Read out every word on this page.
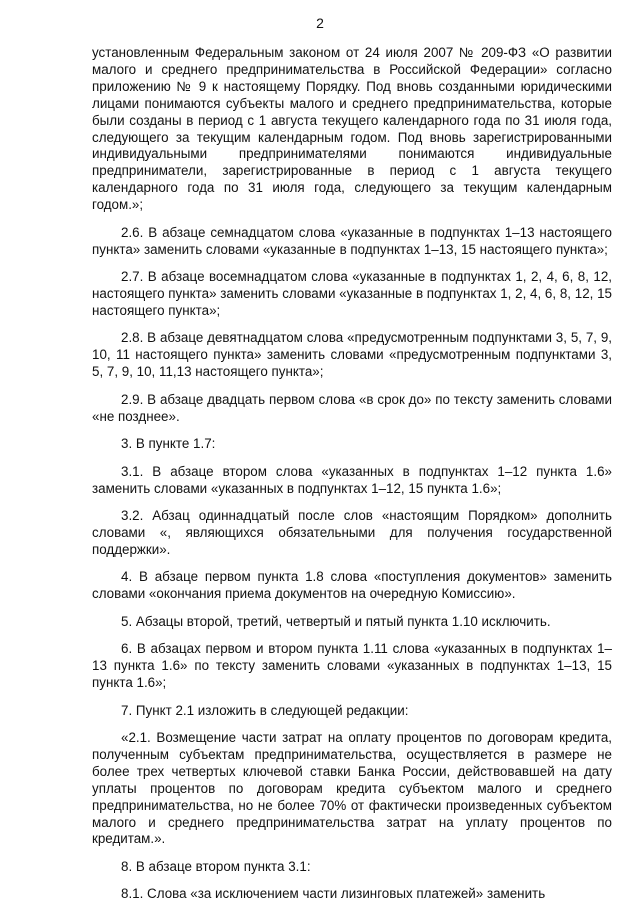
2

установленным Федеральным законом от 24 июля 2007 № 209-ФЗ «О развитии малого и среднего предпринимательства в Российской Федерации» согласно приложению № 9 к настоящему Порядку. Под вновь созданными юридическими лицами понимаются субъекты малого и среднего предпринимательства, которые были созданы в период с 1 августа текущего календарного года по 31 июля года, следующего за текущим календарным годом. Под вновь зарегистрированными индивидуальными предпринимателями понимаются индивидуальные предприниматели, зарегистрированные в период с 1 августа текущего календарного года по 31 июля года, следующего за текущим календарным годом.»;

2.6. В абзаце семнадцатом слова «указанные в подпунктах 1–13 настоящего пункта» заменить словами «указанные в подпунктах 1–13, 15 настоящего пункта»;

2.7. В абзаце восемнадцатом слова «указанные в подпунктах 1, 2, 4, 6, 8, 12, настоящего пункта» заменить словами «указанные в подпунктах 1, 2, 4, 6, 8, 12, 15 настоящего пункта»;

2.8. В абзаце девятнадцатом слова «предусмотренным подпунктами 3, 5, 7, 9, 10, 11 настоящего пункта» заменить словами «предусмотренным подпунктами 3, 5, 7, 9, 10, 11,13 настоящего пункта»;

2.9. В абзаце двадцать первом слова «в срок до» по тексту заменить словами «не позднее».

3. В пункте 1.7:

3.1. В абзаце втором слова «указанных в подпунктах 1–12 пункта 1.6» заменить словами «указанных в подпунктах 1–12, 15 пункта 1.6»;

3.2. Абзац одиннадцатый после слов «настоящим Порядком» дополнить словами «, являющихся обязательными для получения государственной поддержки».

4. В абзаце первом пункта 1.8 слова «поступления документов» заменить словами «окончания приема документов на очередную Комиссию».

5. Абзацы второй, третий, четвертый и пятый пункта 1.10 исключить.

6. В абзацах первом и втором пункта 1.11 слова «указанных в подпунктах 1–13 пункта 1.6» по тексту заменить словами «указанных в подпунктах 1–13, 15 пункта 1.6»;

7. Пункт 2.1 изложить в следующей редакции:

«2.1. Возмещение части затрат на оплату процентов по договорам кредита, полученным субъектам предпринимательства, осуществляется в размере не более трех четвертых ключевой ставки Банка России, действовавшей на дату уплаты процентов по договорам кредита субъектом малого и среднего предпринимательства, но не более 70% от фактически произведенных субъектом малого и среднего предпринимательства затрат на уплату процентов по кредитам.».

8. В абзаце втором пункта 3.1:

8.1. Слова «за исключением части лизинговых платежей» заменить
